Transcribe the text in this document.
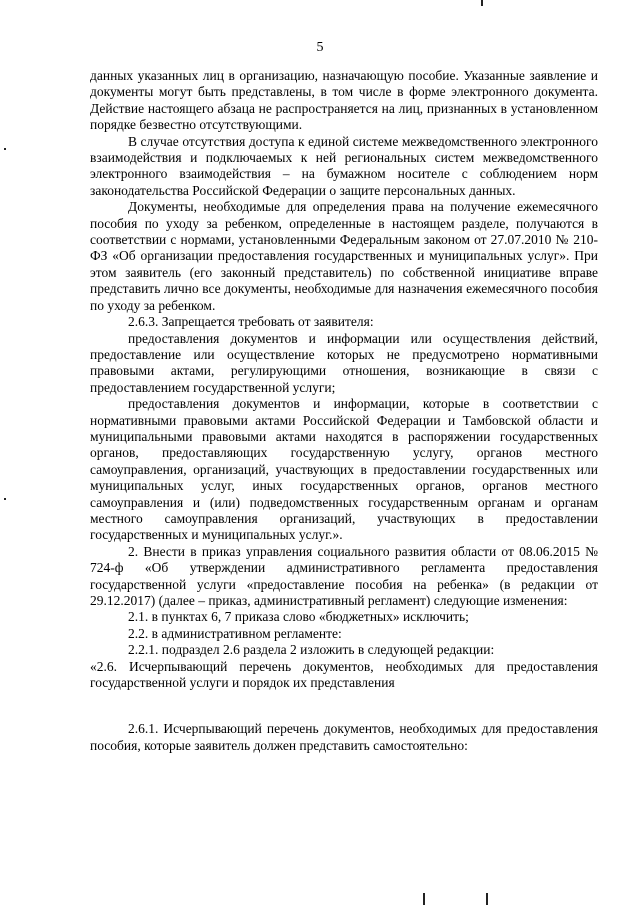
5

данных указанных лиц в организацию, назначающую пособие. Указанные заявление и документы могут быть представлены, в том числе в форме электронного документа. Действие настоящего абзаца не распространяется на лиц, признанных в установленном порядке безвестно отсутствующими.

В случае отсутствия доступа к единой системе межведомственного электронного взаимодействия и подключаемых к ней региональных систем межведомственного электронного взаимодействия – на бумажном носителе с соблюдением норм законодательства Российской Федерации о защите персональных данных.

Документы, необходимые для определения права на получение ежемесячного пособия по уходу за ребенком, определенные в настоящем разделе, получаются в соответствии с нормами, установленными Федеральным законом от 27.07.2010 № 210-ФЗ «Об организации предоставления государственных и муниципальных услуг». При этом заявитель (его законный представитель) по собственной инициативе вправе представить лично все документы, необходимые для назначения ежемесячного пособия по уходу за ребенком.

2.6.3. Запрещается требовать от заявителя:

предоставления документов и информации или осуществления действий, предоставление или осуществление которых не предусмотрено нормативными правовыми актами, регулирующими отношения, возникающие в связи с предоставлением государственной услуги;

предоставления документов и информации, которые в соответствии с нормативными правовыми актами Российской Федерации и Тамбовской области и муниципальными правовыми актами находятся в распоряжении государственных органов, предоставляющих государственную услугу, органов местного самоуправления, организаций, участвующих в предоставлении государственных или муниципальных услуг, иных государственных органов, органов местного самоуправления и (или) подведомственных государственным органам и органам местного самоуправления организаций, участвующих в предоставлении государственных и муниципальных услуг.».

2. Внести в приказ управления социального развития области от 08.06.2015 № 724-ф «Об утверждении административного регламента предоставления государственной услуги «предоставление пособия на ребенка» (в редакции от 29.12.2017) (далее – приказ, административный регламент) следующие изменения:

2.1. в пунктах 6, 7 приказа слово «бюджетных» исключить;

2.2. в административном регламенте:

2.2.1. подраздел 2.6 раздела 2 изложить в следующей редакции:

«2.6. Исчерпывающий перечень документов, необходимых для предоставления государственной услуги и порядок их представления

2.6.1. Исчерпывающий перечень документов, необходимых для предоставления пособия, которые заявитель должен представить самостоятельно:
